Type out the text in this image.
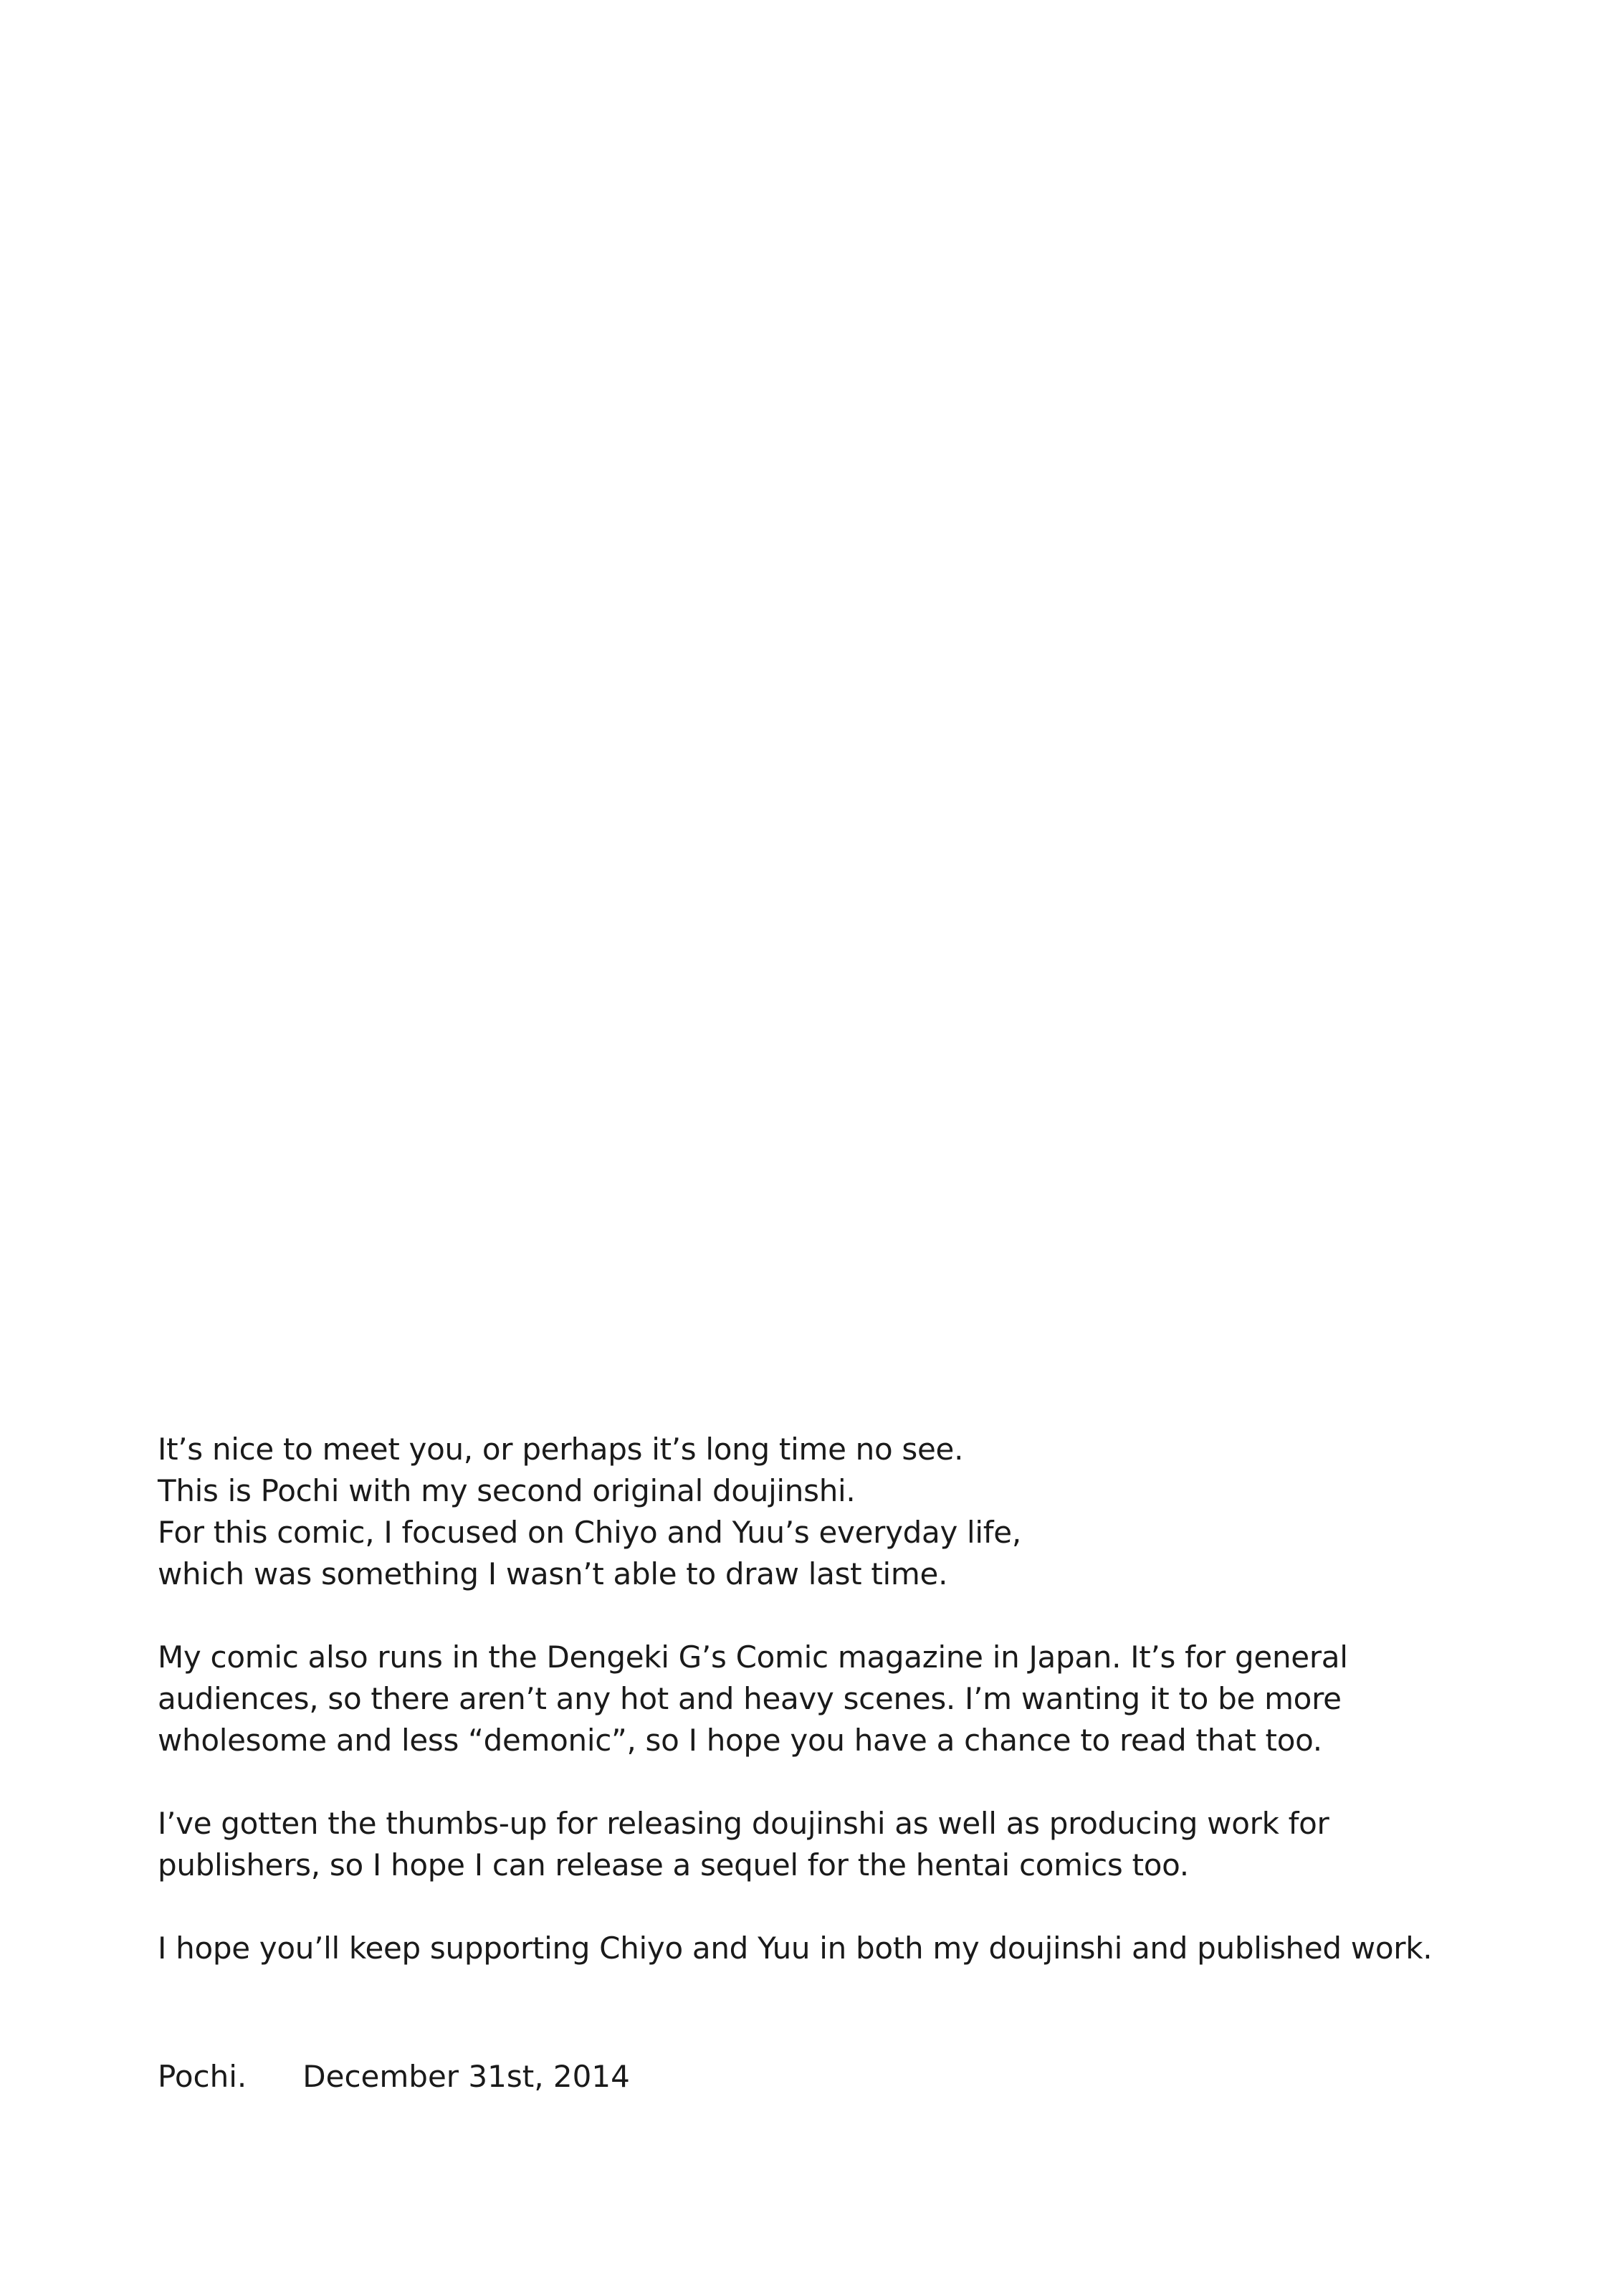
It’s nice to meet you, or perhaps it’s long time no see.
This is Pochi with my second original doujinshi.
For this comic, I focused on Chiyo and Yuu’s everyday life,
which was something I wasn’t able to draw last time.

My comic also runs in the Dengeki G’s Comic magazine in Japan. It’s for general
audiences, so there aren’t any hot and heavy scenes. I’m wanting it to be more
wholesome and less “demonic”, so I hope you have a chance to read that too.

I’ve gotten the thumbs-up for releasing doujinshi as well as producing work for
publishers, so I hope I can release a sequel for the hentai comics too.

I hope you’ll keep supporting Chiyo and Yuu in both my doujinshi and published work.

Pochi. December 31st, 2014
